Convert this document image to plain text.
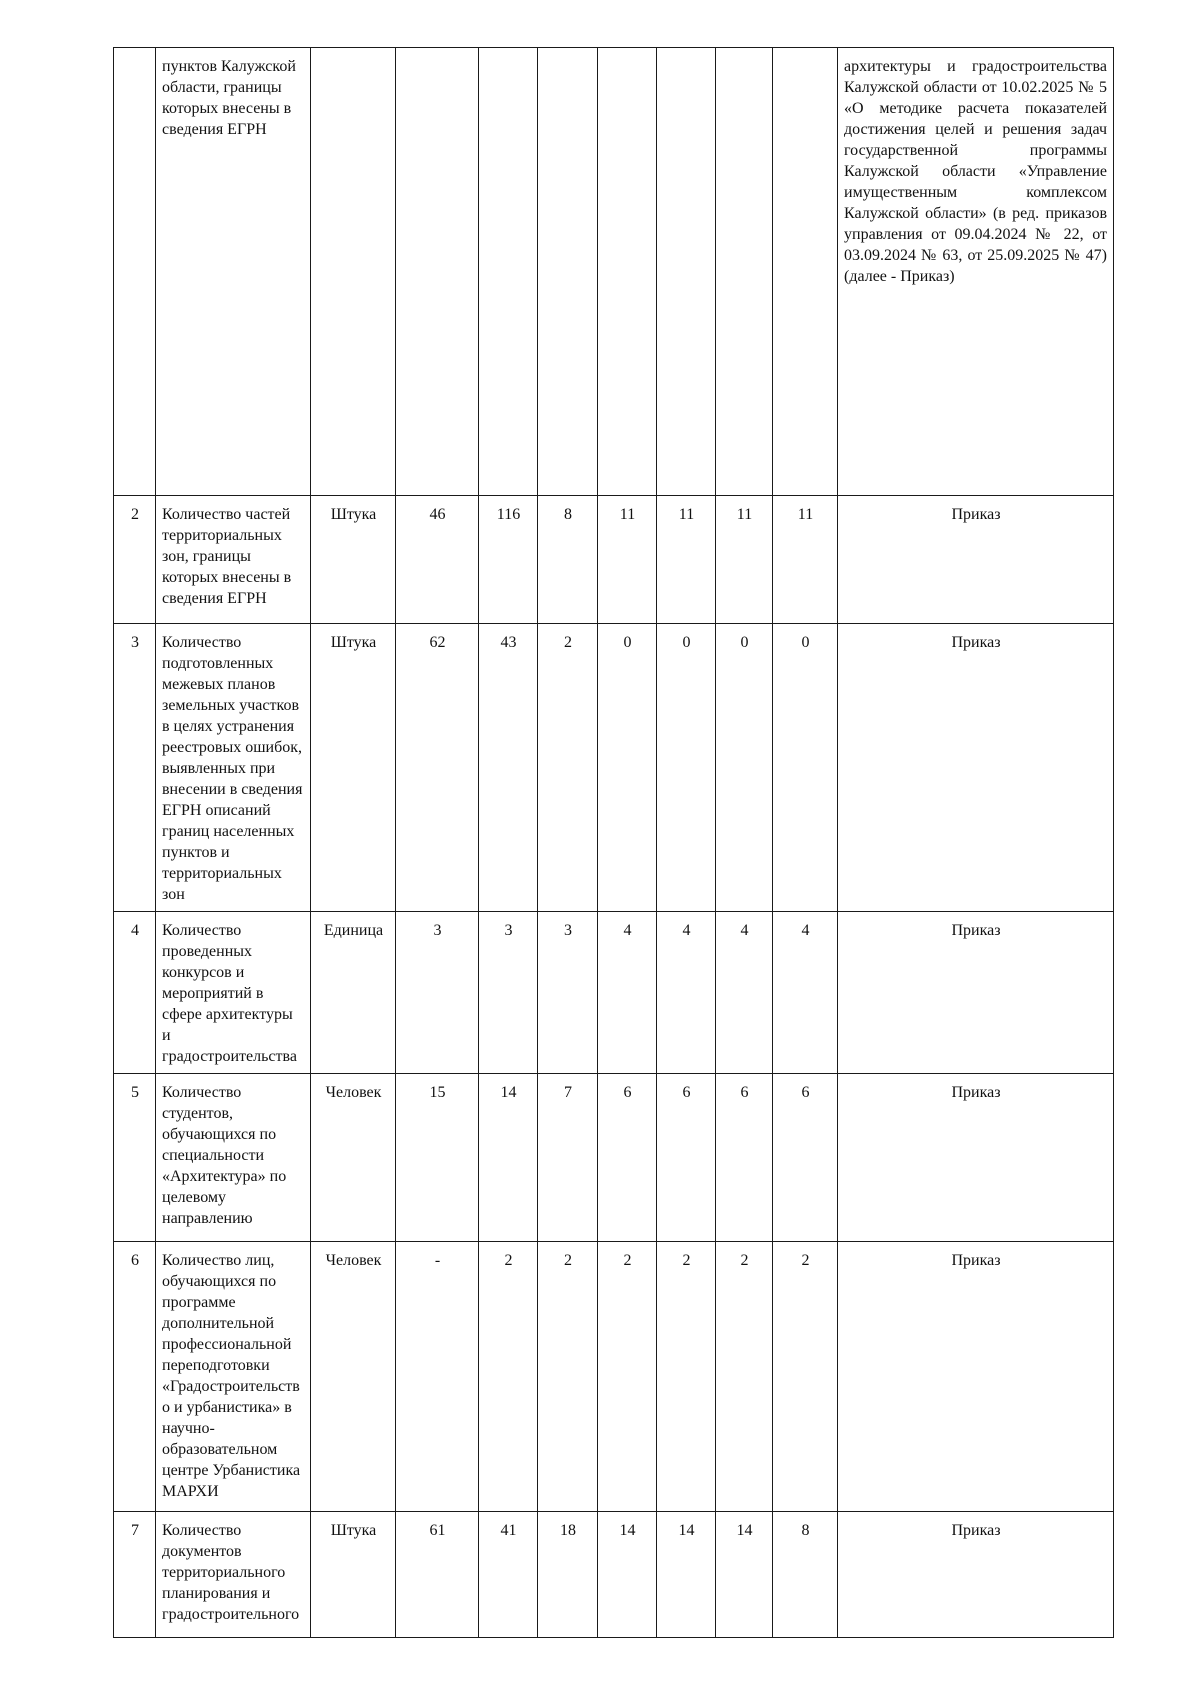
	пунктов Калужской области, границы которых внесены в сведения ЕГРН									архитектуры и градостроительства Калужской области от 10.02.2025 № 5 «О методике расчета показателей достижения целей и решения задач государственной программы Калужской области «Управление имущественным комплексом Калужской области» (в ред. приказов управления от 09.04.2024 № 22, от 03.09.2024 № 63, от 25.09.2025 № 47) (далее - Приказ)
2	Количество частей территориальных зон, границы которых внесены в сведения ЕГРН	Штука	46	116	8	11	11	11	11	Приказ
3	Количество подготовленных межевых планов земельных участков в целях устранения реестровых ошибок, выявленных при внесении в сведения ЕГРН описаний границ населенных пунктов и территориальных зон	Штука	62	43	2	0	0	0	0	Приказ
4	Количество проведенных конкурсов и мероприятий в сфере архитектуры и градостроительства	Единица	3	3	3	4	4	4	4	Приказ
5	Количество студентов, обучающихся по специальности «Архитектура» по целевому направлению	Человек	15	14	7	6	6	6	6	Приказ
6	Количество лиц, обучающихся по программе дополнительной профессиональной переподготовки «Градостроительство и урбанистика» в научно-образовательном центре Урбанистика МАРХИ	Человек	-	2	2	2	2	2	2	Приказ
7	Количество документов территориального планирования и градостроительного	Штука	61	41	18	14	14	14	8	Приказ
